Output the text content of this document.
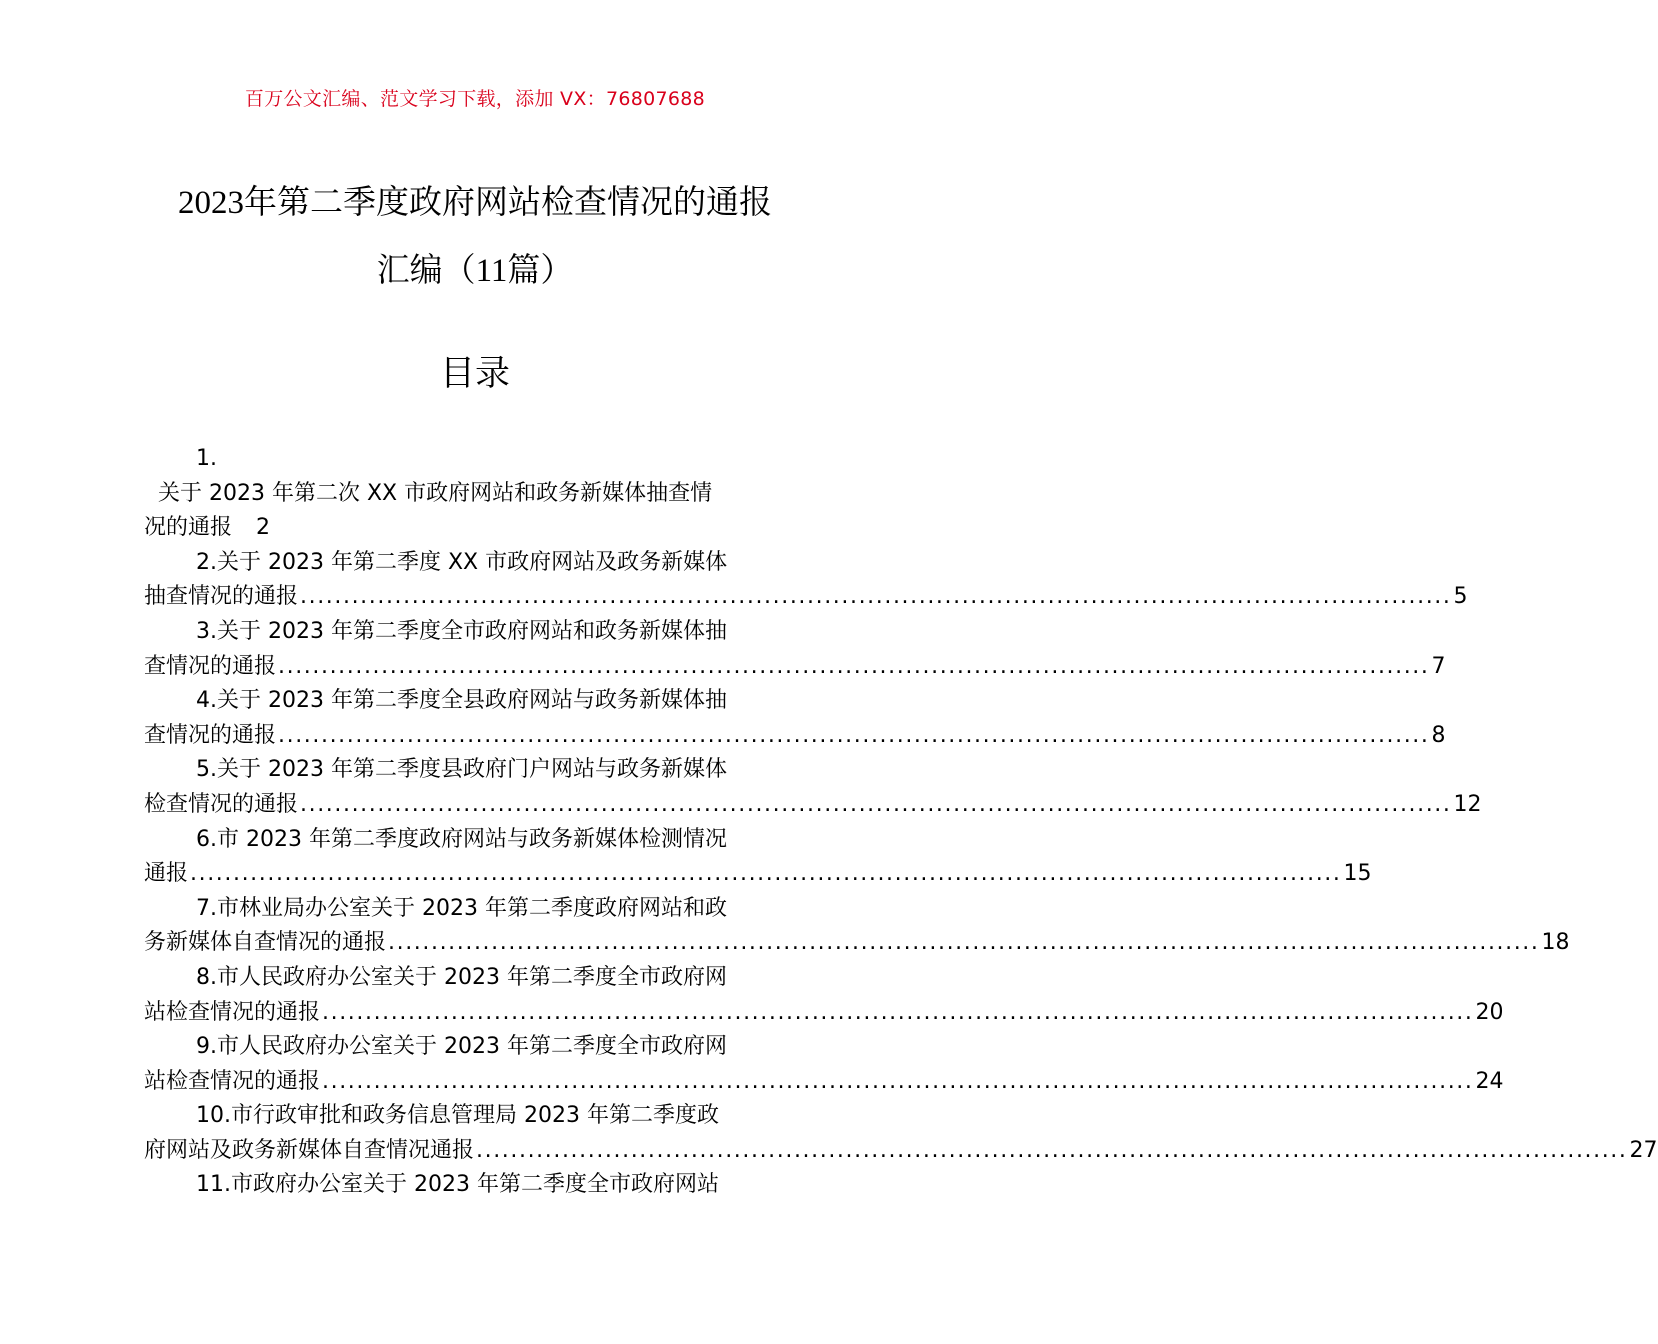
百万公文汇编、范文学习下载，添加 VX：76807688
2023年第二季度政府网站检查情况的通报
汇编（11篇）
目录
1.
关于 2023 年第二次 XX 市政府网站和政务新媒体抽查情
况的通报 2
2.关于 2023 年第二季度 XX 市政府网站及政务新媒体
抽查情况的通报 ...................................................................................................................................... 5
3.关于 2023 年第二季度全市政府网站和政务新媒体抽
查情况的通报 ...................................................................................................................................... 7
4.关于 2023 年第二季度全县政府网站与政务新媒体抽
查情况的通报 ...................................................................................................................................... 8
5.关于 2023 年第二季度县政府门户网站与政务新媒体
检查情况的通报 ...................................................................................................................................... 12
6.市 2023 年第二季度政府网站与政务新媒体检测情况
通报 ...................................................................................................................................... 15
7.市林业局办公室关于 2023 年第二季度政府网站和政
务新媒体自查情况的通报 ...................................................................................................................................... 18
8.市人民政府办公室关于 2023 年第二季度全市政府网
站检查情况的通报 ...................................................................................................................................... 20
9.市人民政府办公室关于 2023 年第二季度全市政府网
站检查情况的通报 ...................................................................................................................................... 24
10.市行政审批和政务信息管理局 2023 年第二季度政
府网站及政务新媒体自查情况通报 ...................................................................................................................................... 27
11.市政府办公室关于 2023 年第二季度全市政府网站
